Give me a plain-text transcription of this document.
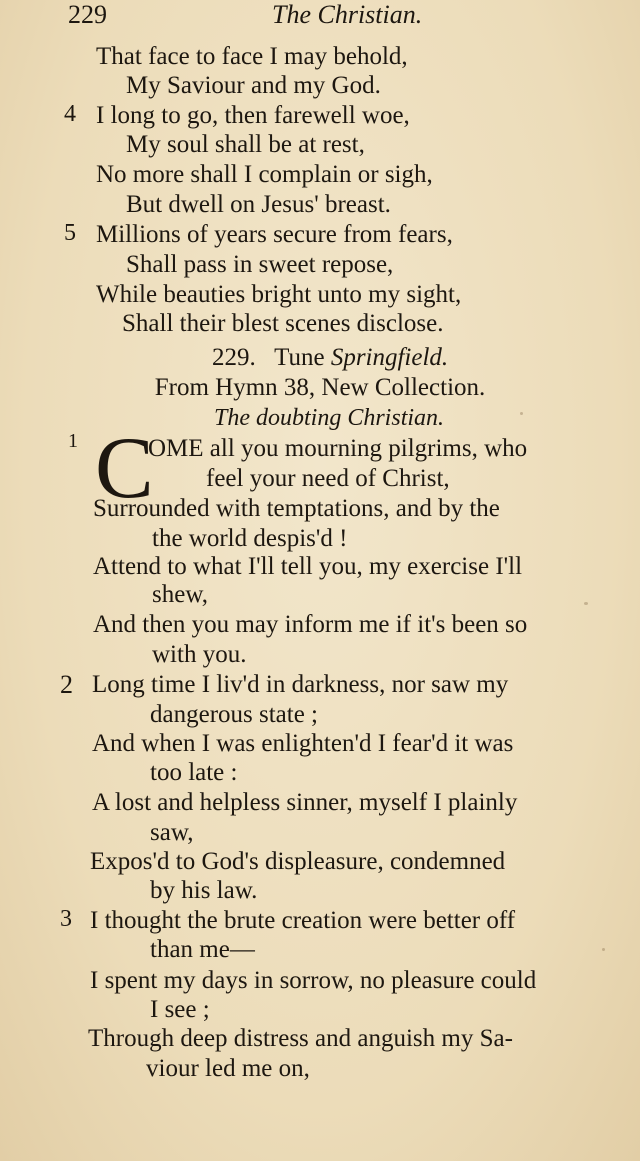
229	The Christian.
That face to face I may behold,
My Saviour and my God.
4 I long to go, then farewell woe,
My soul shall be at rest,
No more shall I complain or sigh,
But dwell on Jesus' breast.
5 Millions of years secure from fears,
Shall pass in sweet repose,
While beauties bright unto my sight,
Shall their blest scenes disclose.
229. Tune Springfield.
From Hymn 38, New Collection.
The doubting Christian.
1 C
OME all you mourning pilgrims, who
feel your need of Christ,
Surrounded with temptations, and by the
the world despis'd !
Attend to what I'll tell you, my exercise I'll
shew,
And then you may inform me if it's been so
with you.
2 Long time I liv'd in darkness, nor saw my
dangerous state ;
And when I was enlighten'd I fear'd it was
too late :
A lost and helpless sinner, myself I plainly
saw,
Expos'd to God's displeasure, condemned
by his law.
3 I thought the brute creation were better off
than me—
I spent my days in sorrow, no pleasure could
I see ;
Through deep distress and anguish my Sa-
viour led me on,
